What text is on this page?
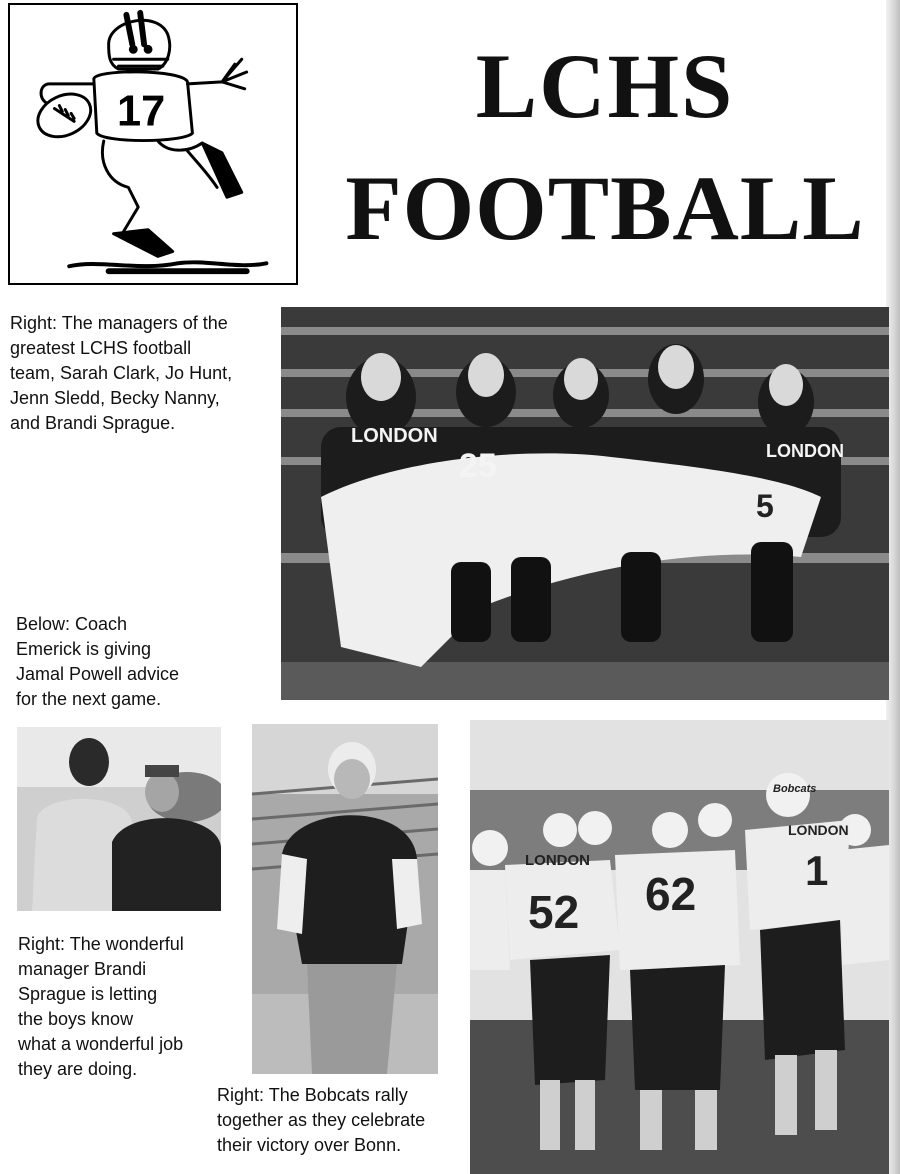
17	LCHS
FOOTBALL
Right: The managers of the
greatest LCHS football
team, Sarah Clark, Jo Hunt,
Jenn Sledd, Becky Nanny,
and Brandi Sprague.
LONDON
25	LONDON
5
Below: Coach
Emerick is giving
Jamal Powell advice
for the next game.
Right: The wonderful
manager Brandi
Sprague is letting
the boys know
what a wonderful job
they are doing.
Right: The Bobcats rally
together as they celebrate
their victory over Bonn.
LONDON
52 62
LONDON
1
Bobcats
